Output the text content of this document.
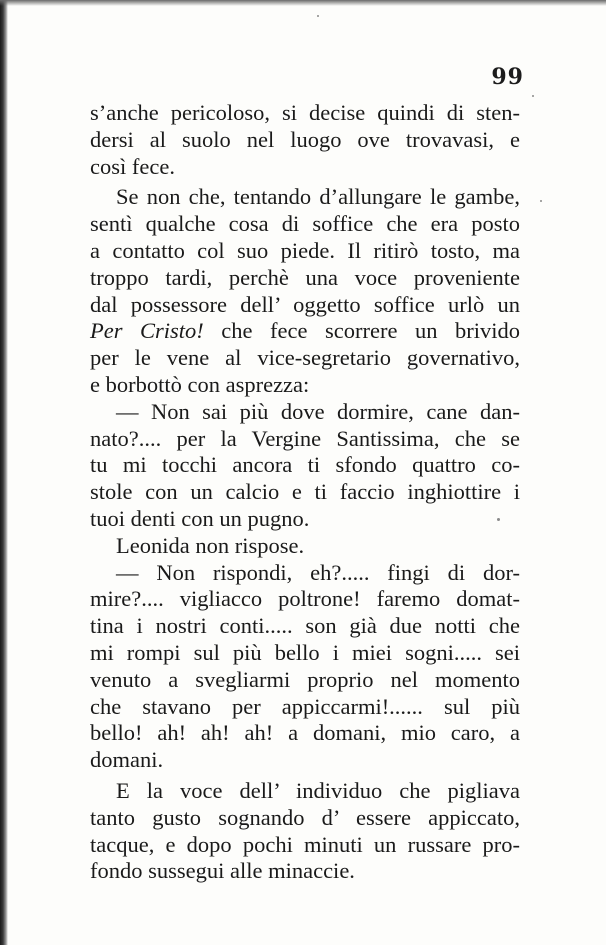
99
s’anche pericoloso, si decise quindi di sten-
dersi al suolo nel luogo ove trovavasi, e
così fece.
Se non che, tentando d’allungare le gambe,
sentì qualche cosa di soffice che era posto
a contatto col suo piede. Il ritirò tosto, ma
troppo tardi, perchè una voce proveniente
dal possessore dell’ oggetto soffice urlò un
Per Cristo! che fece scorrere un brivido
per le vene al vice-segretario governativo,
e borbottò con asprezza:
— Non sai più dove dormire, cane dan-
nato?.... per la Vergine Santissima, che se
tu mi tocchi ancora ti sfondo quattro co-
stole con un calcio e ti faccio inghiottire i
tuoi denti con un pugno.
Leonida non rispose.
— Non rispondi, eh?..... fingi di dor-
mire?.... vigliacco poltrone! faremo domat-
tina i nostri conti..... son già due notti che
mi rompi sul più bello i miei sogni..... sei
venuto a svegliarmi proprio nel momento
che stavano per appiccarmi!...... sul più
bello! ah! ah! ah! a domani, mio caro, a
domani.
E la voce dell’ individuo che pigliava
tanto gusto sognando d’ essere appiccato,
tacque, e dopo pochi minuti un russare pro-
fondo sussegui alle minaccie.
